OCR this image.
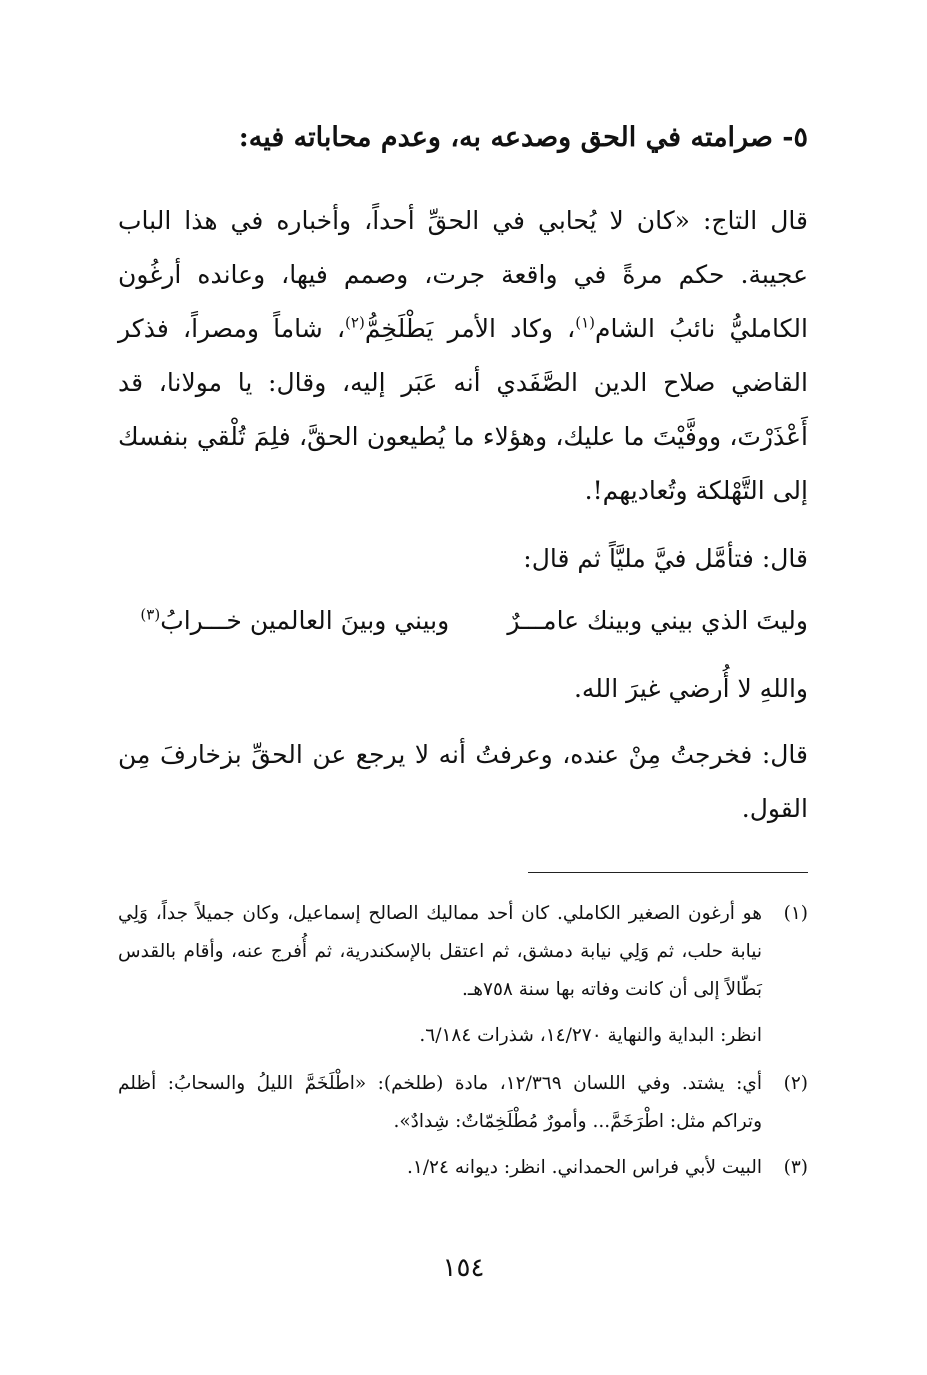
٥- صرامته في الحق وصدعه به، وعدم محاباته فيه:

قال التاج: «كان لا يُحابي في الحقِّ أحداً، وأخباره في هذا الباب عجيبة. حكم مرةً في واقعة جرت، وصمم فيها، وعانده أرغُون الكامليُّ نائبُ الشام$^{(١)}$، وكاد الأمر يَطْلَخِمُّ$^{(٢)}$، شاماً ومصراً، فذكر القاضي صلاح الدين الصَّفَدي أنه عَبَر إليه، وقال: يا مولانا، قد أَعْذَرْتَ، ووفَّيْتَ ما عليك، وهؤلاء ما يُطيعون الحقَّ، فلِمَ تُلْقي بنفسك إلى التَّهْلكة وتُعاديهم!.

قال: فتأمَّل فيَّ مليَّاً ثم قال:

وليتَ الذي بيني وبينك عامـــرٌ
وبيني وبينَ العالمين خـــرابُ$^{(٣)}$

واللهِ لا أُرضي غيرَ الله.

قال: فخرجتُ مِنْ عنده، وعرفتُ أنه لا يرجع عن الحقِّ بزخارفَ مِن القول.

(١)
هو أرغون الصغير الكاملي. كان أحد مماليك الصالح إسماعيل، وكان جميلاً جداً، وَلِي نيابة حلب، ثم وَلِي نيابة دمشق، ثم اعتقل بالإسكندرية، ثم أُفرج عنه، وأقام بالقدس بَطّالاً إلى أن كانت وفاته بها سنة ٧٥٨هـ.
انظر: البداية والنهاية ١٤/٢٧٠، شذرات ٦/١٨٤.
(٢)
أي: يشتد. وفي اللسان ١٢/٣٦٩، مادة (طلخم): «اطْلَخَمَّ الليلُ والسحابُ: أظلم وتراكم مثل: اطْرَخَمَّ... وأمورٌ مُطْلَخِمّاتٌ: شِدادٌ».
(٣)
البيت لأبي فراس الحمداني. انظر: ديوانه ١/٢٤.
١٥٤
